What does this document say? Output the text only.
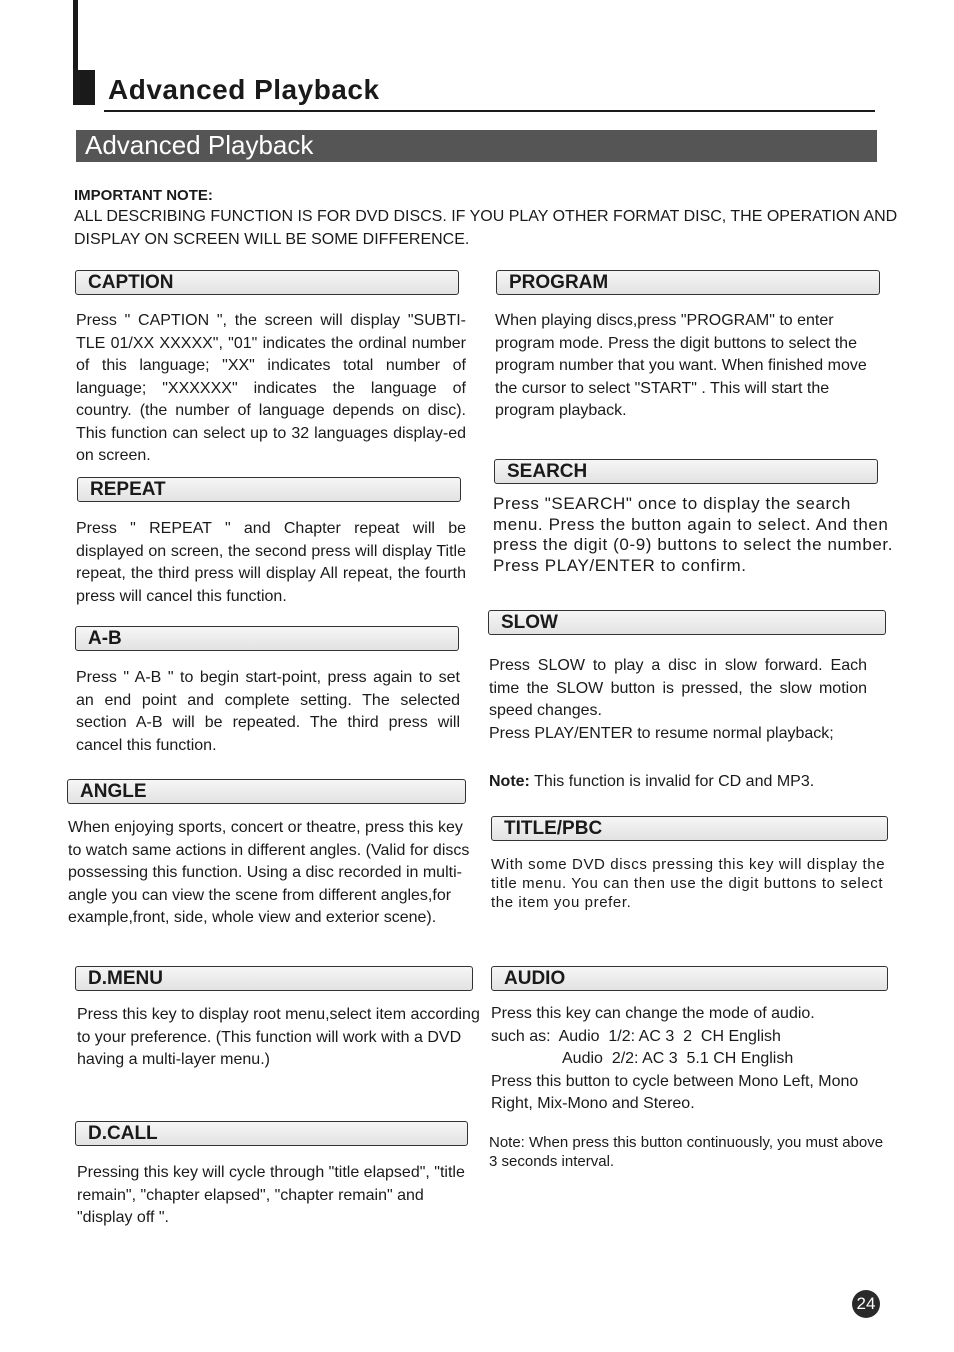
Advanced Playback
Advanced Playback
IMPORTANT NOTE:
ALL DESCRIBING FUNCTION IS FOR DVD DISCS. IF YOU PLAY OTHER FORMAT DISC, THE OPERATION AND DISPLAY ON SCREEN WILL BE SOME DIFFERENCE.
CAPTION
Press " CAPTION ", the screen will display "SUBTI-TLE 01/XX XXXXX", "01" indicates the ordinal number of this language; "XX" indicates total number of language; "XXXXXX" indicates the language of country. (the number of language depends on disc). This function can select up to 32 languages display-ed on screen.
REPEAT
Press " REPEAT " and Chapter repeat will be displayed on screen, the second press will display Title repeat, the third press will display All repeat, the fourth press will cancel this function.
A-B
Press " A-B " to begin start-point, press again to set an end point and complete setting. The selected section A-B will be repeated. The third press will cancel this function.
ANGLE
When enjoying sports, concert or theatre, press this key to watch same actions in different angles. (Valid for discs possessing this function. Using a disc recorded in multi-angle you can view the scene from different angles,for example,front, side, whole view and exterior scene).
D.MENU
Press this key to display root menu,select item according to your preference. (This function will work with a DVD having a multi-layer menu.)
D.CALL
Pressing this key will cycle through "title elapsed", "title remain", "chapter elapsed", "chapter remain" and "display off ".
PROGRAM
When playing discs,press "PROGRAM" to enter program mode. Press the digit buttons to select the program number that you want. When finished move the cursor to select "START" . This will start the program playback.
SEARCH
Press "SEARCH" once to display the search menu. Press the button again to select. And then press the digit (0-9) buttons to select the number. Press PLAY/ENTER to confirm.
SLOW
Press SLOW to play a disc in slow forward. Each time the SLOW button is pressed, the slow motion speed changes.
Press PLAY/ENTER to resume normal playback;
Note: This function is invalid for CD and MP3.
TITLE/PBC
With some DVD discs pressing this key will display the title menu. You can then use the digit buttons to select the item you prefer.
AUDIO
Press this key can change the mode of audio.
such as:  Audio  1/2: AC 3  2  CH English
Audio  2/2: AC 3  5.1 CH English
Press this button to cycle between Mono Left, Mono Right, Mix-Mono and Stereo.
Note: When press this button continuously, you must above 3 seconds interval.
24
